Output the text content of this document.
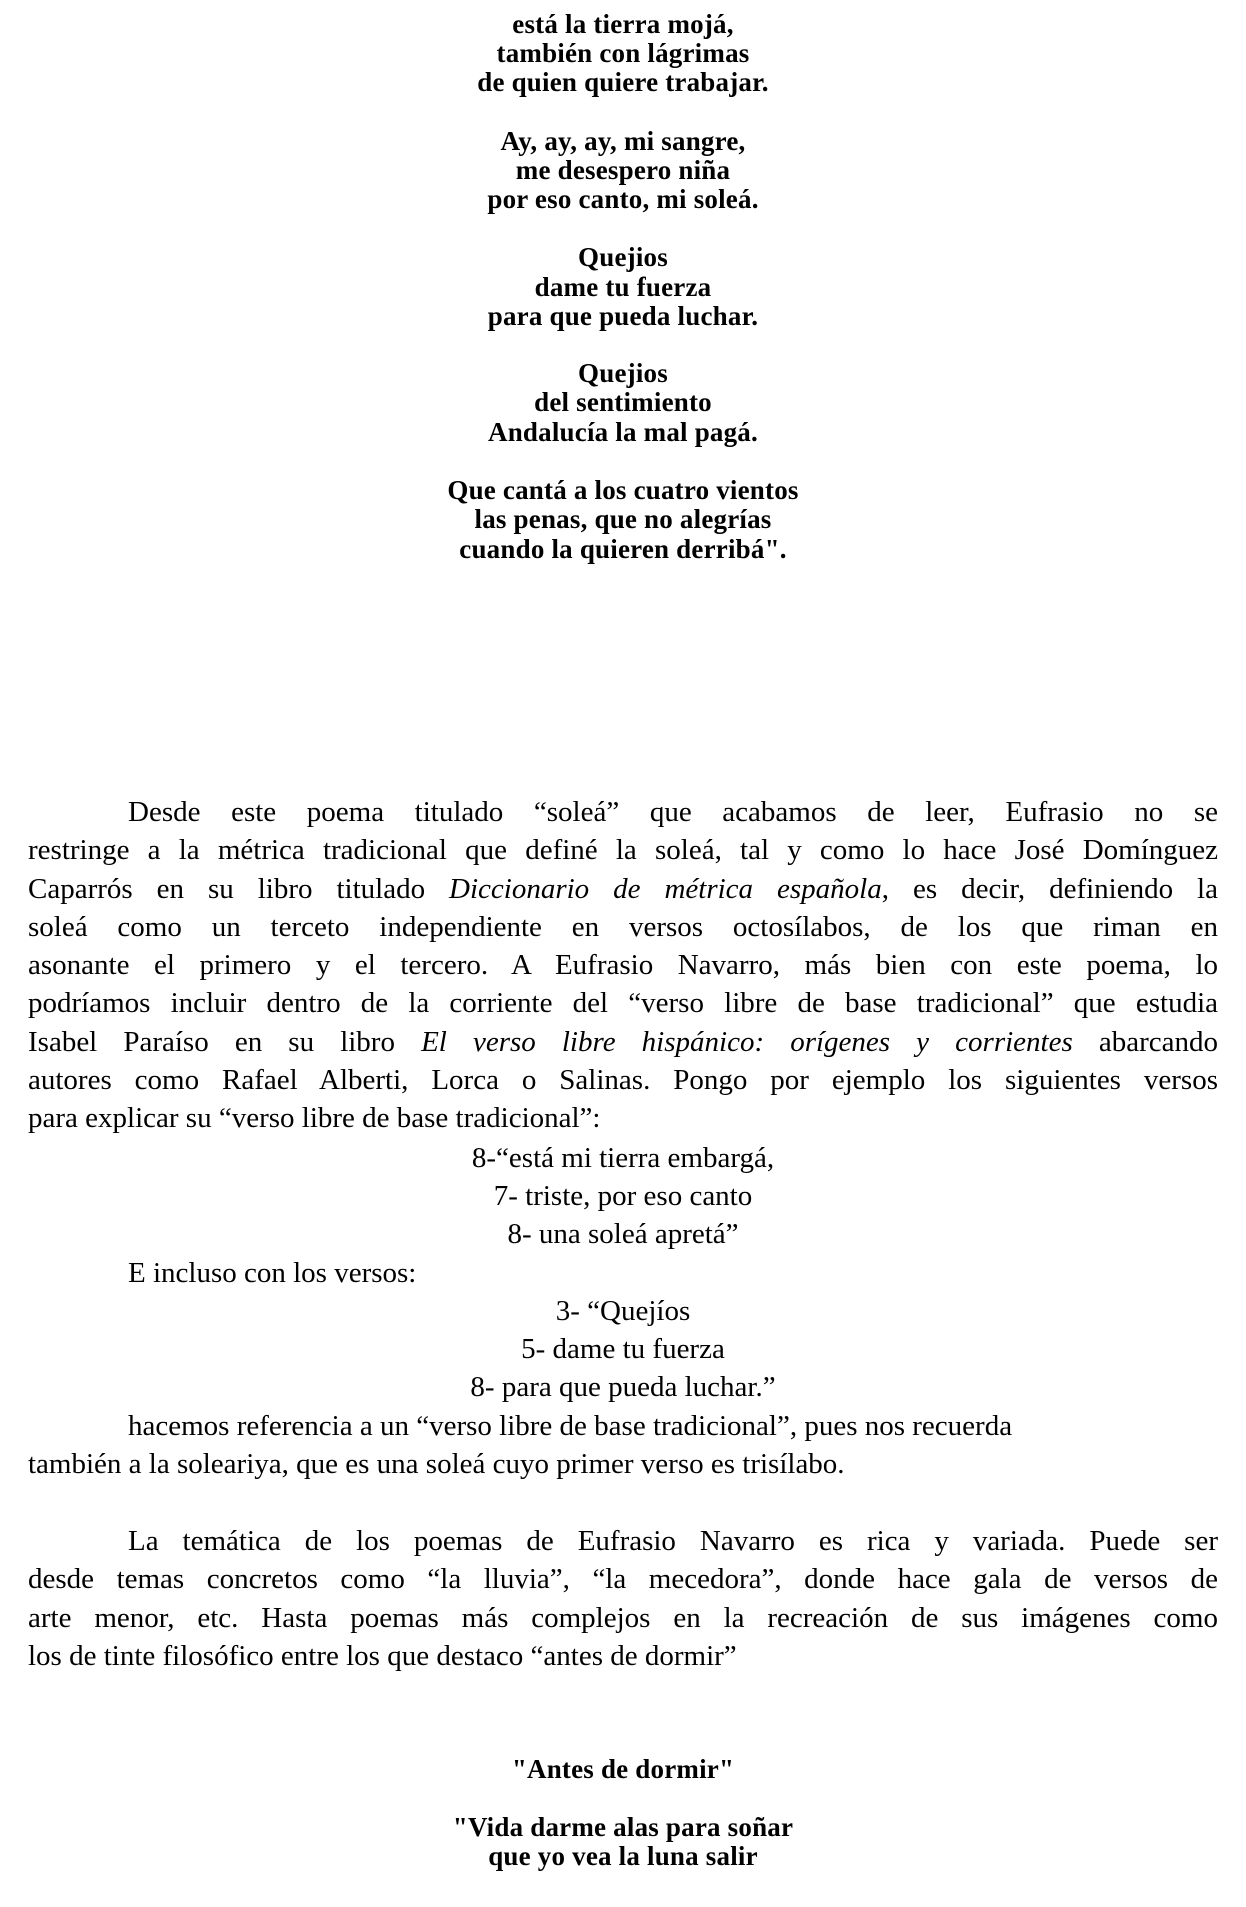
está la tierra mojá,
también con lágrimas
de quien quiere trabajar.
Ay, ay, ay, mi sangre,
me desespero niña
por eso canto, mi soleá.
Quejios
dame tu fuerza
para que pueda luchar.
Quejios
del sentimiento
Andalucía la mal pagá.
Que cantá a los cuatro vientos
las penas, que no alegrías
cuando la quieren derribá".
Desde este poema titulado “soleá” que acabamos de leer, Eufrasio no se
restringe a la métrica tradicional que definé la soleá, tal y como lo hace José Domínguez
Caparrós en su libro titulado Diccionario de métrica española, es decir, definiendo la
soleá como un terceto independiente en versos octosílabos, de los que riman en
asonante el primero y el tercero. A Eufrasio Navarro, más bien con este poema, lo
podríamos incluir dentro de la corriente del “verso libre de base tradicional” que estudia
Isabel Paraíso en su libro El verso libre hispánico: orígenes y corrientes abarcando
autores como Rafael Alberti, Lorca o Salinas. Pongo por ejemplo los siguientes versos
para explicar su “verso libre de base tradicional”:
8-“está mi tierra embargá,
7- triste, por eso canto
8- una soleá apretá”
E incluso con los versos:
3- “Quejíos
5- dame tu fuerza
8- para que pueda luchar.”
hacemos referencia a un “verso libre de base tradicional”, pues nos recuerda
también a la soleariya, que es una soleá cuyo primer verso es trisílabo.
La temática de los poemas de Eufrasio Navarro es rica y variada. Puede ser
desde temas concretos como “la lluvia”, “la mecedora”, donde hace gala de versos de
arte menor, etc. Hasta poemas más complejos en la recreación de sus imágenes como
los de tinte filosófico entre los que destaco “antes de dormir”
"Antes de dormir"
"Vida darme alas para soñar
que yo vea la luna salir
